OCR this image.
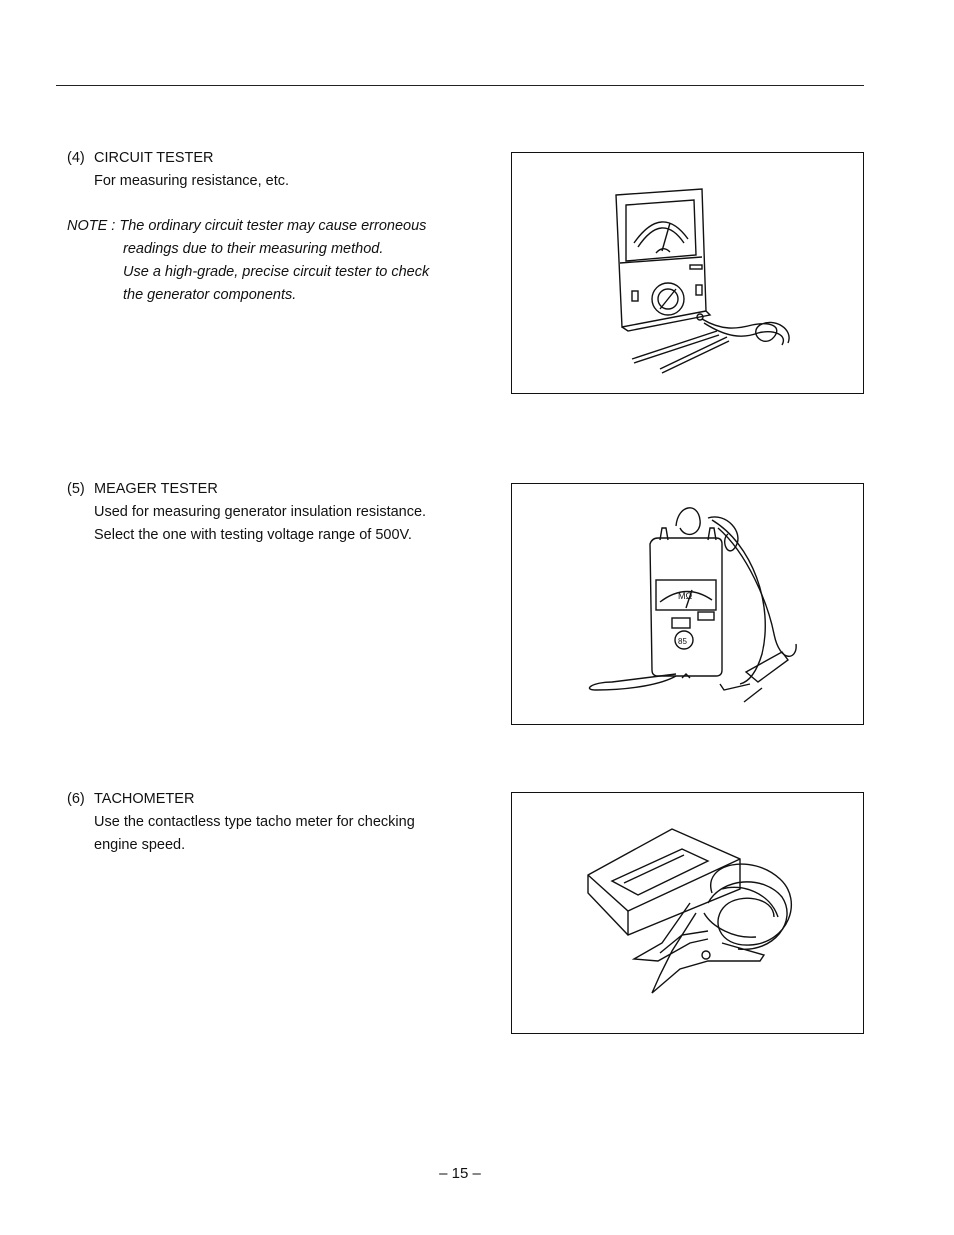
(4) CIRCUIT TESTER
For measuring resistance, etc.
NOTE : The ordinary circuit tester may cause erroneous
readings due to their measuring method.
Use a high-grade, precise circuit tester to check
the generator components.
(5) MEAGER TESTER
Used for measuring generator insulation resistance.
Select the one with testing voltage range of 500V.
MΩ
85
(6) TACHOMETER
Use the contactless type tacho meter for checking
engine speed.
– 15 –
